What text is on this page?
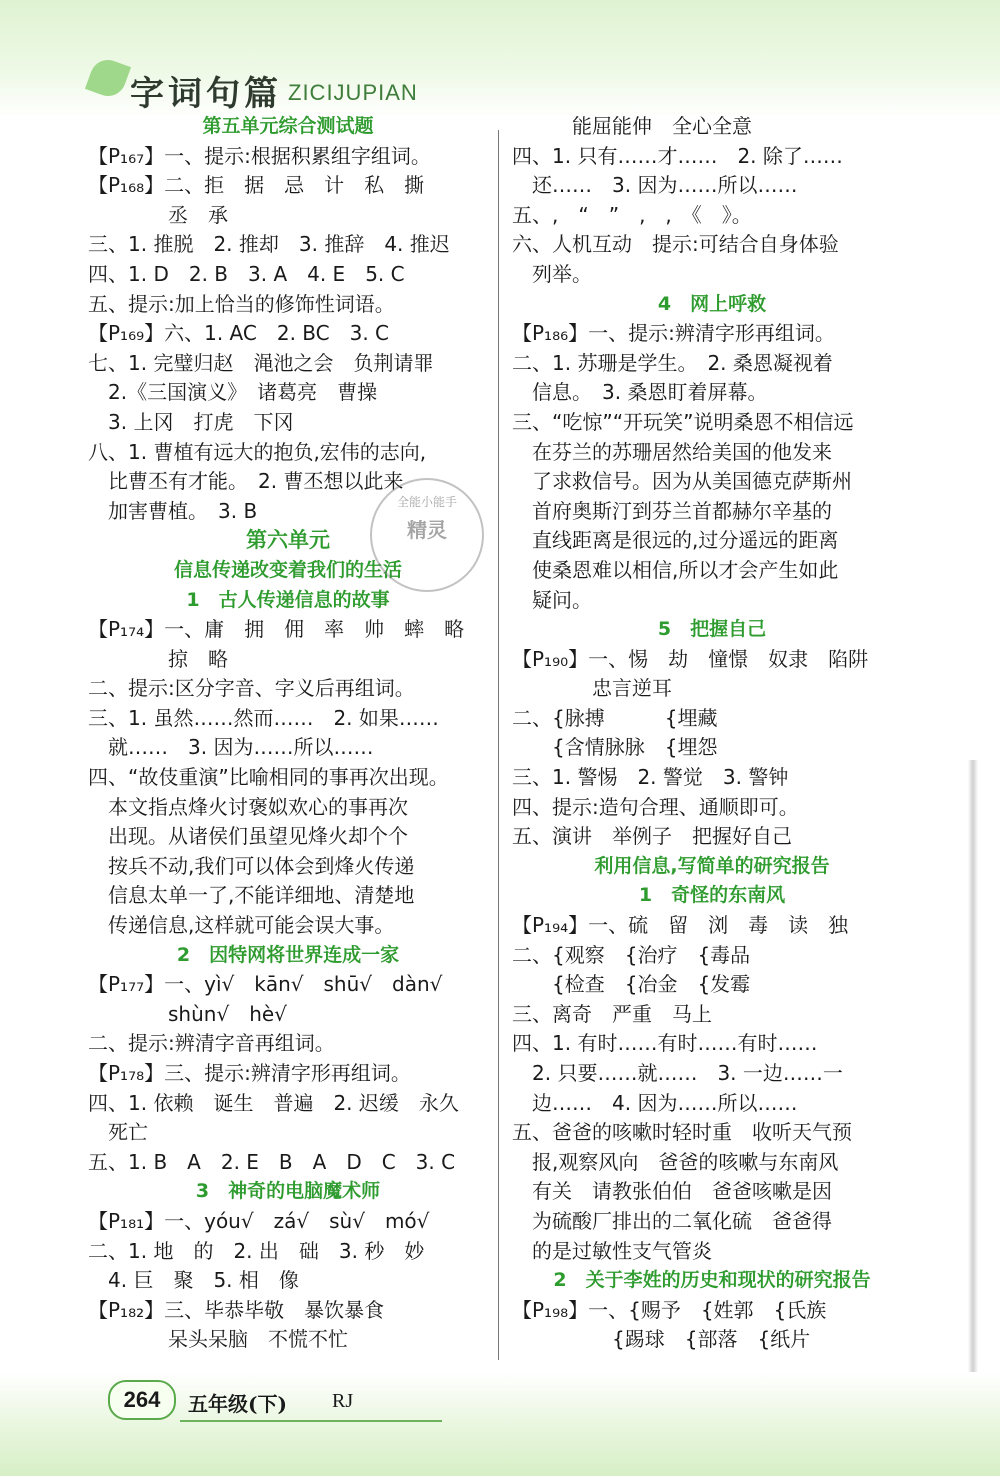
字词句篇 ZICIJUPIAN
第五单元综合测试题
【P₁₆₇】一、提示:根据积累组字组词。
【P₁₆₈】二、拒　据　忌　计　私　撕
　　　　丞　承
三、1. 推脱　2. 推却　3. 推辞　4. 推迟
四、1. D　2. B　3. A　4. E　5. C
五、提示:加上恰当的修饰性词语。
【P₁₆₉】六、1. AC　2. BC　3. C
七、1. 完璧归赵　渑池之会　负荆请罪
　2.《三国演义》　诸葛亮　曹操
　3. 上冈　打虎　下冈
八、1. 曹植有远大的抱负,宏伟的志向,
　比曹丕有才能。　2. 曹丕想以此来
　加害曹植。　3. B
第六单元
信息传递改变着我们的生活
1　古人传递信息的故事
【P₁₇₄】一、庸　拥　佣　率　帅　蟀　略
　　　　掠　略
二、提示:区分字音、字义后再组词。
三、1. 虽然……然而……　2. 如果……
　就……　3. 因为……所以……
四、“故伎重演”比喻相同的事再次出现。
　本文指点烽火讨褒姒欢心的事再次
　出现。从诸侯们虽望见烽火却个个
　按兵不动,我们可以体会到烽火传递
　信息太单一了,不能详细地、清楚地
　传递信息,这样就可能会误大事。
2　因特网将世界连成一家
【P₁₇₇】一、yì√　kān√　shū√　dàn√
　　　　shùn√　hè√
二、提示:辨清字音再组词。
【P₁₇₈】三、提示:辨清字形再组词。
四、1. 依赖　诞生　普遍　2. 迟缓　永久
　死亡
五、1. B　A　2. E　B　A　D　C　3. C
3　神奇的电脑魔术师
【P₁₈₁】一、yóu√　zá√　sù√　mó√
二、1. 地　的　2. 出　础　3. 秒　妙
　4. 巨　聚　5. 相　像
【P₁₈₂】三、毕恭毕敬　暴饮暴食
　　　　呆头呆脑　不慌不忙
　　　能屈能伸　全心全意
四、1. 只有……才……　2. 除了……
　还……　3. 因为……所以……
五、,　“　”　,　,　《　》。
六、人机互动　提示:可结合自身体验
　列举。
4　网上呼救
【P₁₈₆】一、提示:辨清字形再组词。
二、1. 苏珊是学生。　2. 桑恩凝视着
　信息。　3. 桑恩盯着屏幕。
三、“吃惊”“开玩笑”说明桑恩不相信远
　在芬兰的苏珊居然给美国的他发来
　了求救信号。因为从美国德克萨斯州
　首府奥斯汀到芬兰首都赫尔辛基的
　直线距离是很远的,过分遥远的距离
　使桑恩难以相信,所以才会产生如此
　疑问。
5　把握自己
【P₁₉₀】一、惕　劫　憧憬　奴隶　陷阱
　　　　忠言逆耳
二、{脉搏　　　{埋藏
　　{含情脉脉　{埋怨
三、1. 警惕　2. 警觉　3. 警钟
四、提示:造句合理、通顺即可。
五、演讲　举例子　把握好自己
利用信息,写简单的研究报告
1　奇怪的东南风
【P₁₉₄】一、硫　留　浏　毒　读　独
二、{观察　{治疗　{毒品
　　{检查　{冶金　{发霉
三、离奇　严重　马上
四、1. 有时……有时……有时……
　2. 只要……就……　3. 一边……一
　边……　4. 因为……所以……
五、爸爸的咳嗽时轻时重　收听天气预
　报,观察风向　爸爸的咳嗽与东南风
　有关　请教张伯伯　爸爸咳嗽是因
　为硫酸厂排出的二氧化硫　爸爸得
　的是过敏性支气管炎
2　关于李姓的历史和现状的研究报告
【P₁₉₈】一、{赐予　{姓郭　{氏族
　　　　　{踢球　{部落　{纸片
全能小能手
精灵
264	五年级(下) RJ
